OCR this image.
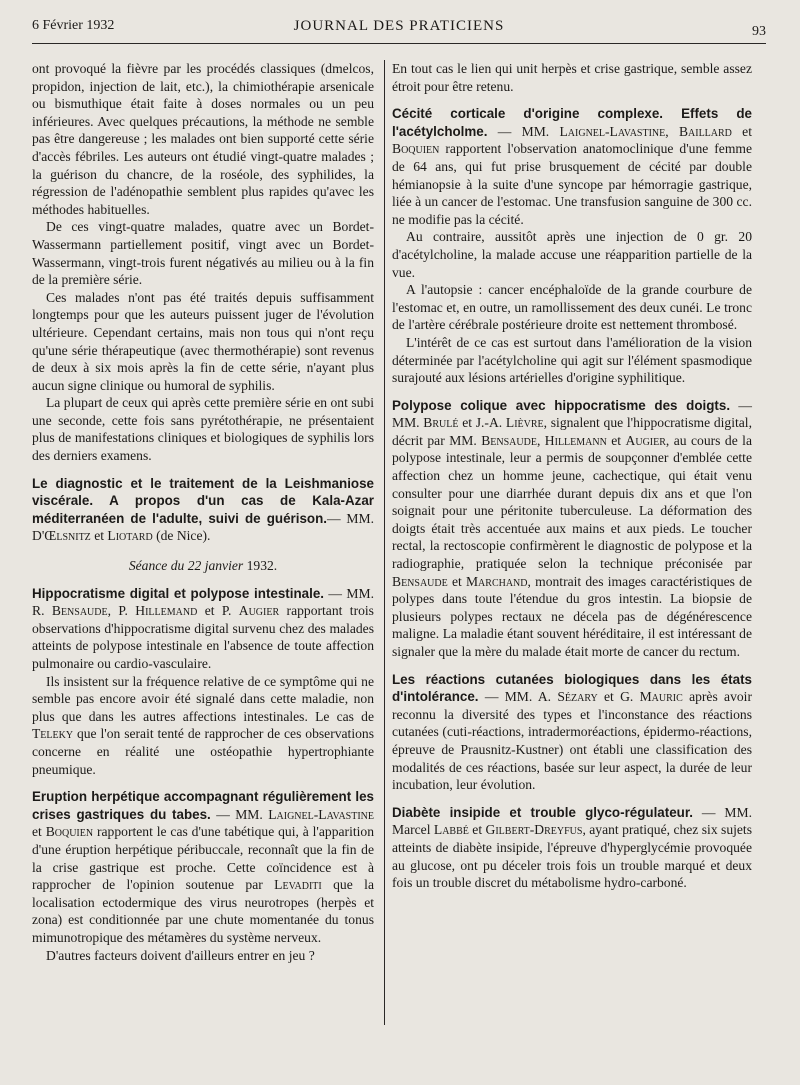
6 Février 1932	JOURNAL DES PRATICIENS	93

ont provoqué la fièvre par les procédés classiques (dmelcos, propidon, injection de lait, etc.), la chimiothérapie arsenicale ou bismuthique était faite à doses normales ou un peu inférieures. Avec quelques précautions, la méthode ne semble pas être dangereuse ; les malades ont bien supporté cette série d'accès fébriles. Les auteurs ont étudié vingt-quatre malades ; la guérison du chancre, de la roséole, des syphilides, la régression de l'adénopathie semblent plus rapides qu'avec les méthodes habituelles.

De ces vingt-quatre malades, quatre avec un Bordet-Wassermann partiellement positif, vingt avec un Bordet-Wassermann, vingt-trois furent négativés au milieu ou à la fin de la première série.

Ces malades n'ont pas été traités depuis suffisamment longtemps pour que les auteurs puissent juger de l'évolution ultérieure. Cependant certains, mais non tous qui n'ont reçu qu'une série thérapeutique (avec thermothérapie) sont revenus de deux à six mois après la fin de cette série, n'ayant plus aucun signe clinique ou humoral de syphilis.

La plupart de ceux qui après cette première série en ont subi une seconde, cette fois sans pyrétothérapie, ne présentaient plus de manifestations cliniques et biologiques de syphilis lors des derniers examens.

Le diagnostic et le traitement de la Leishmaniose viscérale. A propos d'un cas de Kala-Azar méditerranéen de l'adulte, suivi de guérison.— MM. D'Œlsnitz et Liotard (de Nice).

Séance du 22 janvier 1932.

Hippocratisme digital et polypose intestinale. — MM. R. Bensaude, P. Hillemand et P. Augier rapportant trois observations d'hippocratisme digital survenu chez des malades atteints de polypose intestinale en l'absence de toute affection pulmonaire ou cardio-vasculaire.

Ils insistent sur la fréquence relative de ce symptôme qui ne semble pas encore avoir été signalé dans cette maladie, non plus que dans les autres affections intestinales. Le cas de Teleky que l'on serait tenté de rapprocher de ces observations concerne en réalité une ostéopathie hypertrophiante pneumique.

Eruption herpétique accompagnant régulièrement les crises gastriques du tabes. — MM. Laignel-Lavastine et Boquien rapportent le cas d'une tabétique qui, à l'apparition d'une éruption herpétique péribuccale, reconnaît que la fin de la crise gastrique est proche. Cette coïncidence est à rapprocher de l'opinion soutenue par Levaditi que la localisation ectodermique des virus neurotropes (herpès et zona) est conditionnée par une chute momentanée du tonus mimunotropique des métamères du système nerveux.

D'autres facteurs doivent d'ailleurs entrer en jeu ?

En tout cas le lien qui unit herpès et crise gastrique, semble assez étroit pour être retenu.

Cécité corticale d'origine complexe. Effets de l'acétylcholme. — MM. Laignel-Lavastine, Baillard et Boquien rapportent l'observation anatomoclinique d'une femme de 64 ans, qui fut prise brusquement de cécité par double hémianopsie à la suite d'une syncope par hémorragie gastrique, liée à un cancer de l'estomac. Une transfusion sanguine de 300 cc. ne modifie pas la cécité.

Au contraire, aussitôt après une injection de 0 gr. 20 d'acétylcholine, la malade accuse une réapparition partielle de la vue.

A l'autopsie : cancer encéphaloïde de la grande courbure de l'estomac et, en outre, un ramollissement des deux cunéi. Le tronc de l'artère cérébrale postérieure droite est nettement thrombosé.

L'intérêt de ce cas est surtout dans l'amélioration de la vision déterminée par l'acétylcholine qui agit sur l'élément spasmodique surajouté aux lésions artérielles d'origine syphilitique.

Polypose colique avec hippocratisme des doigts. — MM. Brulé et J.-A. Lièvre, signalent que l'hippocratisme digital, décrit par MM. Bensaude, Hillemann et Augier, au cours de la polypose intestinale, leur a permis de soupçonner d'emblée cette affection chez un homme jeune, cachectique, qui était venu consulter pour une diarrhée durant depuis dix ans et que l'on soignait pour une péritonite tuberculeuse. La déformation des doigts était très accentuée aux mains et aux pieds. Le toucher rectal, la rectoscopie confirmèrent le diagnostic de polypose et la radiographie, pratiquée selon la technique préconisée par Bensaude et Marchand, montrait des images caractéristiques de polypes dans toute l'étendue du gros intestin. La biopsie de plusieurs polypes rectaux ne décela pas de dégénérescence maligne. La maladie étant souvent héréditaire, il est intéressant de signaler que la mère du malade était morte de cancer du rectum.

Les réactions cutanées biologiques dans les états d'intolérance. — MM. A. Sézary et G. Mauric après avoir reconnu la diversité des types et l'inconstance des réactions cutanées (cuti-réactions, intradermoréactions, épidermo-réactions, épreuve de Prausnitz-Kustner) ont établi une classification des modalités de ces réactions, basée sur leur aspect, la durée de leur incubation, leur évolution.

Diabète insipide et trouble glyco-régulateur. — MM. Marcel Labbé et Gilbert-Dreyfus, ayant pratiqué, chez six sujets atteints de diabète insipide, l'épreuve d'hyperglycémie provoquée au glucose, ont pu déceler trois fois un trouble marqué et deux fois un trouble discret du métabolisme hydro-carboné.
